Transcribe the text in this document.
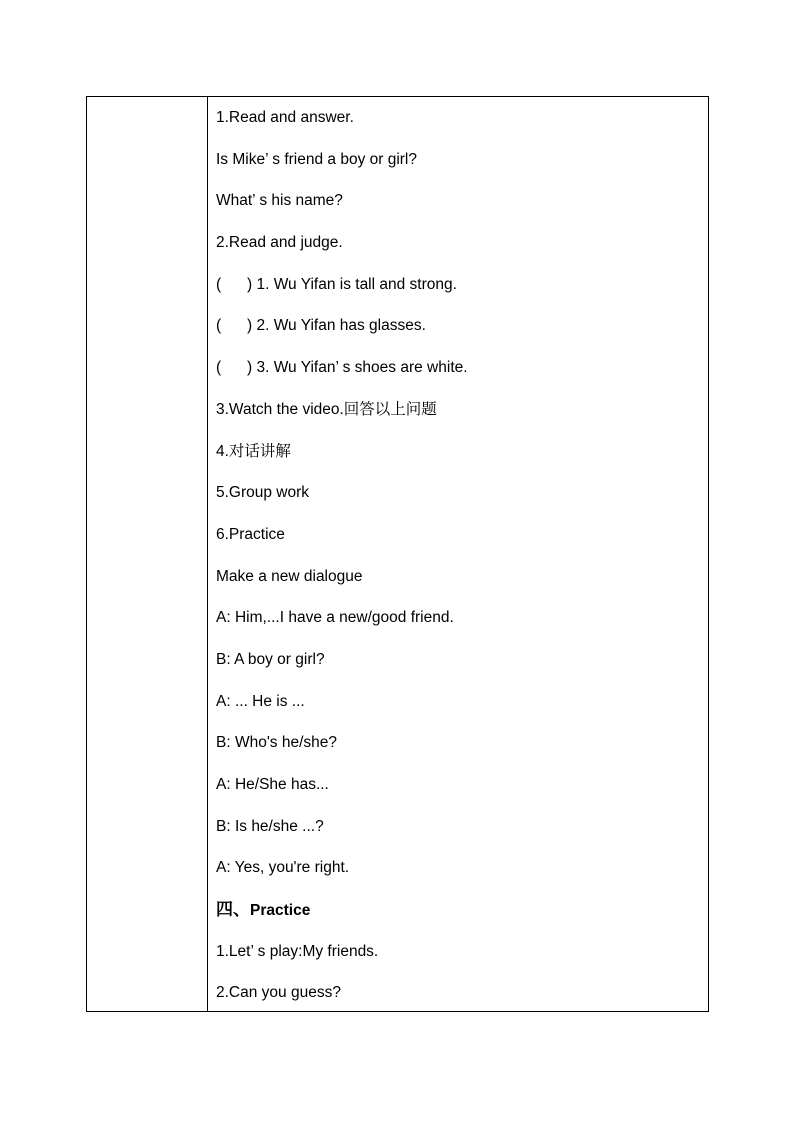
1.Read and answer.
Is Mike’ s friend a boy or girl?
What’ s his name?
2.Read and judge.
(      ) 1. Wu Yifan is tall and strong.
(      ) 2. Wu Yifan has glasses.
(      ) 3. Wu Yifan’ s shoes are white.
3.Watch the video.回答以上问题
4.对话讲解
5.Group work
6.Practice
Make a new dialogue
A: Him,...I have a new/good friend.
B: A boy or girl?
A: ... He is ...
B: Who's he/she?
A: He/She has...
B: Is he/she ...?
A: Yes, you're right.
四、Practice
1.Let’ s play:My friends.
2.Can you guess?
